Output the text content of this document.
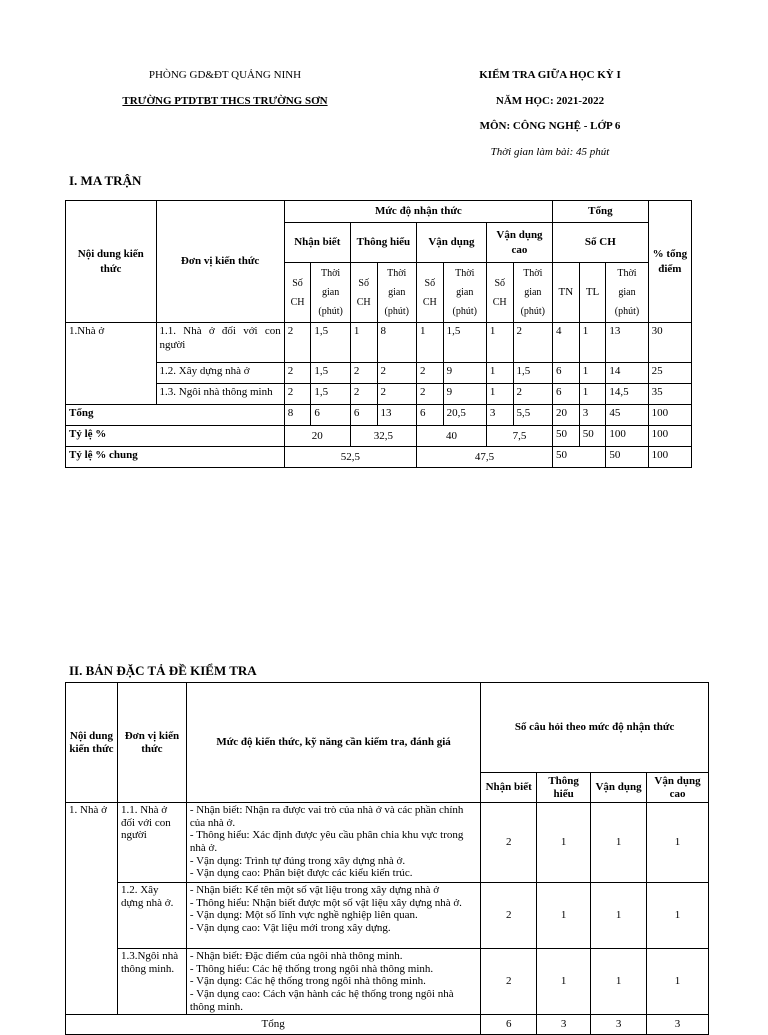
PHÒNG GD&ĐT QUẢNG NINH
TRƯỜNG PTDTBT THCS TRƯỜNG SƠN
KIỂM TRA GIỮA HỌC KỲ I
NĂM HỌC: 2021-2022
MÔN: CÔNG NGHỆ - LỚP 6
Thời gian làm bài: 45 phút
I. MA TRẬN
Nội dung kiến thức	Đơn vị kiến thức	Mức độ nhận thức								Tổng			% tổng điểm
		Nhận biết		Thông hiểu		Vận dụng		Vận dụng cao		Số CH			
		Số CH	Thời gian (phút)	Số CH	Thời gian (phút)	Số CH	Thời gian (phút)	Số CH	Thời gian (phút)	TN	TL	Thời gian (phút)	
1.Nhà ở	1.1. Nhà ở đối với con người	2	1,5	1	8	1	1,5	1	2	4	1	13	30
	1.2. Xây dựng nhà ở	2	1,5	2	2	2	9	1	1,5	6	1	14	25
	1.3. Ngôi nhà thông minh	2	1,5	2	2	2	9	1	2	6	1	14,5	35
Tổng		8	6	6	13	6	20,5	3	5,5	20	3	45	100
Tỷ lệ %		20		32,5		40		7,5		50	50	100	100
Tỷ lệ % chung		52,5				47,5				50		50	100
II. BẢN ĐẶC TẢ ĐỀ KIỂM TRA
Nội dung kiến thức	Đơn vị kiến thức	Mức độ kiến thức, kỹ năng cần kiểm tra, đánh giá	Số câu hỏi theo mức độ nhận thức			
			Nhận biết	Thông hiểu	Vận dụng	Vận dụng cao
1. Nhà ở	1.1. Nhà ở đối với con người	- Nhận biết: Nhận ra được vai trò của nhà ở và các phần chính của nhà ở.
- Thông hiểu: Xác định được yêu cầu phân chia khu vực trong nhà ở.
- Vận dụng: Trình tự đúng trong xây dựng nhà ở.
- Vận dụng cao: Phân biệt được các kiểu kiến trúc.	2	1	1	1
	1.2. Xây dựng nhà ở.	- Nhận biết: Kể tên một số vật liệu trong xây dựng nhà ở
- Thông hiểu: Nhận biết được một số vật liệu xây dựng nhà ở.
- Vận dụng: Một số lĩnh vực nghề nghiệp liên quan.
- Vận dụng cao: Vật liệu mới trong xây dựng.	2	1	1	1
	1.3.Ngôi nhà thông minh.	- Nhận biết: Đặc điểm của ngôi nhà thông minh.
- Thông hiểu: Các hệ thống trong ngôi nhà thông minh.
- Vận dụng: Các hệ thống trong ngôi nhà thông minh.
- Vận dụng cao: Cách vận hành các hệ thống trong ngôi nhà thông minh.	2	1	1	1
Tổng			6	3	3	3
